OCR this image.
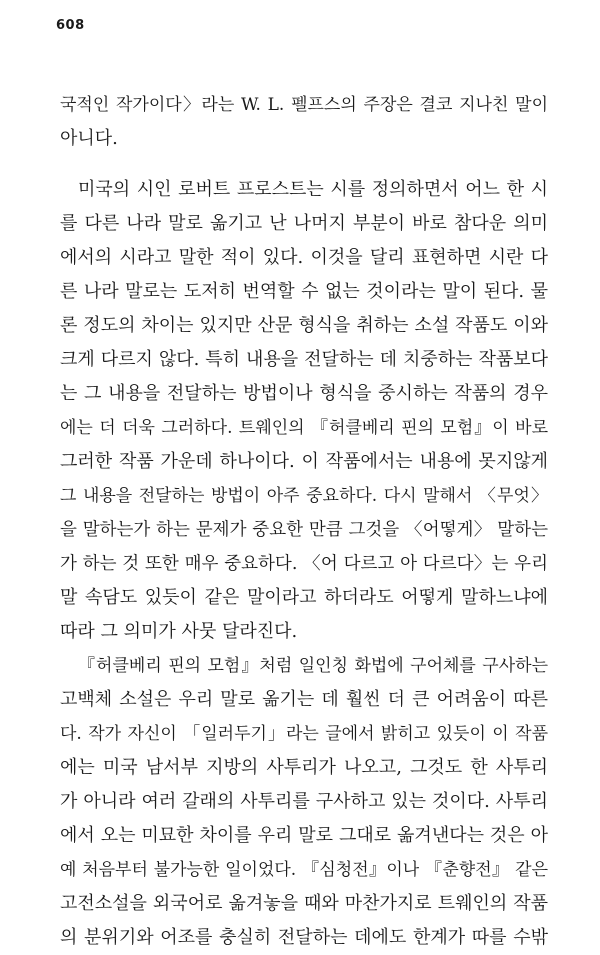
608
국적인 작가이다〉라는 W. L. 펠프스의 주장은 결코 지나친 말이
아니다.
미국의 시인 로버트 프로스트는 시를 정의하면서 어느 한 시
를 다른 나라 말로 옮기고 난 나머지 부분이 바로 참다운 의미
에서의 시라고 말한 적이 있다. 이것을 달리 표현하면 시란 다
른 나라 말로는 도저히 번역할 수 없는 것이라는 말이 된다. 물
론 정도의 차이는 있지만 산문 형식을 취하는 소설 작품도 이와
크게 다르지 않다. 특히 내용을 전달하는 데 치중하는 작품보다
는 그 내용을 전달하는 방법이나 형식을 중시하는 작품의 경우
에는 더 더욱 그러하다. 트웨인의 『허클베리 핀의 모험』이 바로
그러한 작품 가운데 하나이다. 이 작품에서는 내용에 못지않게
그 내용을 전달하는 방법이 아주 중요하다. 다시 말해서 〈무엇〉
을 말하는가 하는 문제가 중요한 만큼 그것을 〈어떻게〉 말하는
가 하는 것 또한 매우 중요하다. 〈어 다르고 아 다르다〉는 우리
말 속담도 있듯이 같은 말이라고 하더라도 어떻게 말하느냐에
따라 그 의미가 사뭇 달라진다.
『허클베리 핀의 모험』처럼 일인칭 화법에 구어체를 구사하는
고백체 소설은 우리 말로 옮기는 데 훨씬 더 큰 어려움이 따른
다. 작가 자신이 「일러두기」라는 글에서 밝히고 있듯이 이 작품
에는 미국 남서부 지방의 사투리가 나오고, 그것도 한 사투리
가 아니라 여러 갈래의 사투리를 구사하고 있는 것이다. 사투리
에서 오는 미묘한 차이를 우리 말로 그대로 옮겨낸다는 것은 아
예 처음부터 불가능한 일이었다. 『심청전』이나 『춘향전』 같은
고전소설을 외국어로 옮겨놓을 때와 마찬가지로 트웨인의 작품
의 분위기와 어조를 충실히 전달하는 데에도 한계가 따를 수밖
